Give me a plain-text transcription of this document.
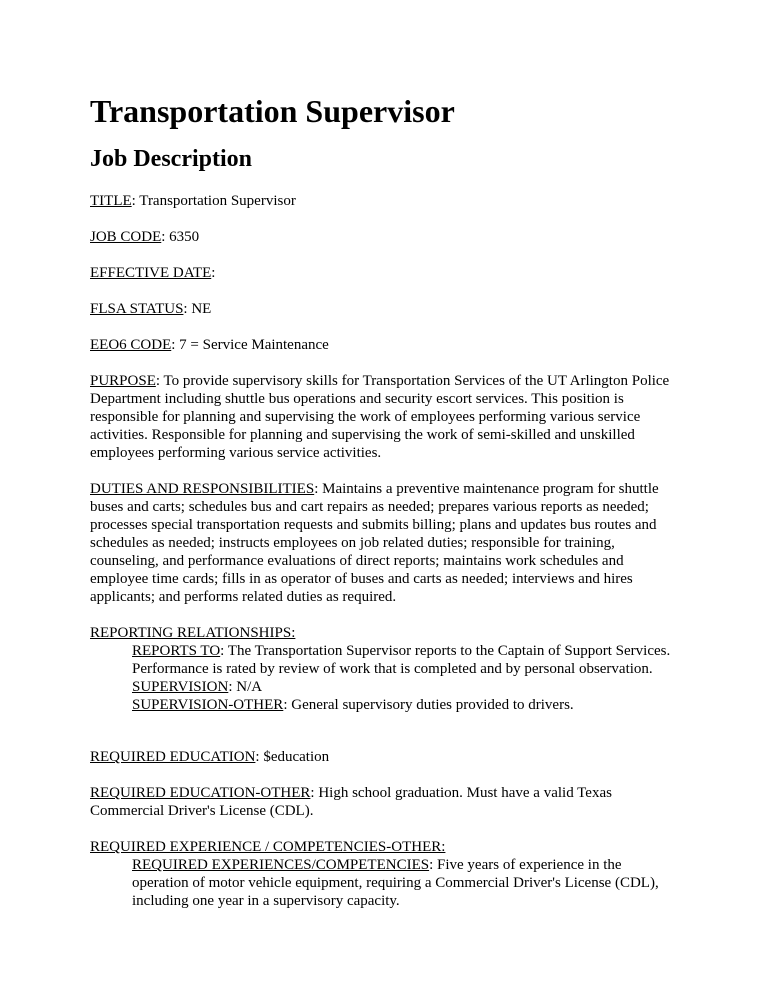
Transportation Supervisor
Job Description

TITLE: Transportation Supervisor

JOB CODE: 6350

EFFECTIVE DATE:

FLSA STATUS: NE

EEO6 CODE: 7 = Service Maintenance

PURPOSE: To provide supervisory skills for Transportation Services of the UT Arlington Police Department including shuttle bus operations and security escort services. This position is responsible for planning and supervising the work of employees performing various service activities. Responsible for planning and supervising the work of semi-skilled and unskilled employees performing various service activities.

DUTIES AND RESPONSIBILITIES: Maintains a preventive maintenance program for shuttle buses and carts; schedules bus and cart repairs as needed; prepares various reports as needed; processes special transportation requests and submits billing; plans and updates bus routes and schedules as needed; instructs employees on job related duties; responsible for training, counseling, and performance evaluations of direct reports; maintains work schedules and employee time cards; fills in as operator of buses and carts as needed; interviews and hires applicants; and performs related duties as required.

REPORTING RELATIONSHIPS:

REPORTS TO: The Transportation Supervisor reports to the Captain of Support Services. Performance is rated by review of work that is completed and by personal observation.

SUPERVISION: N/A

SUPERVISION-OTHER: General supervisory duties provided to drivers.

REQUIRED EDUCATION: $education

REQUIRED EDUCATION-OTHER: High school graduation. Must have a valid Texas Commercial Driver's License (CDL).

REQUIRED EXPERIENCE / COMPETENCIES-OTHER:

REQUIRED EXPERIENCES/COMPETENCIES: Five years of experience in the operation of motor vehicle equipment, requiring a Commercial Driver's License (CDL), including one year in a supervisory capacity.
